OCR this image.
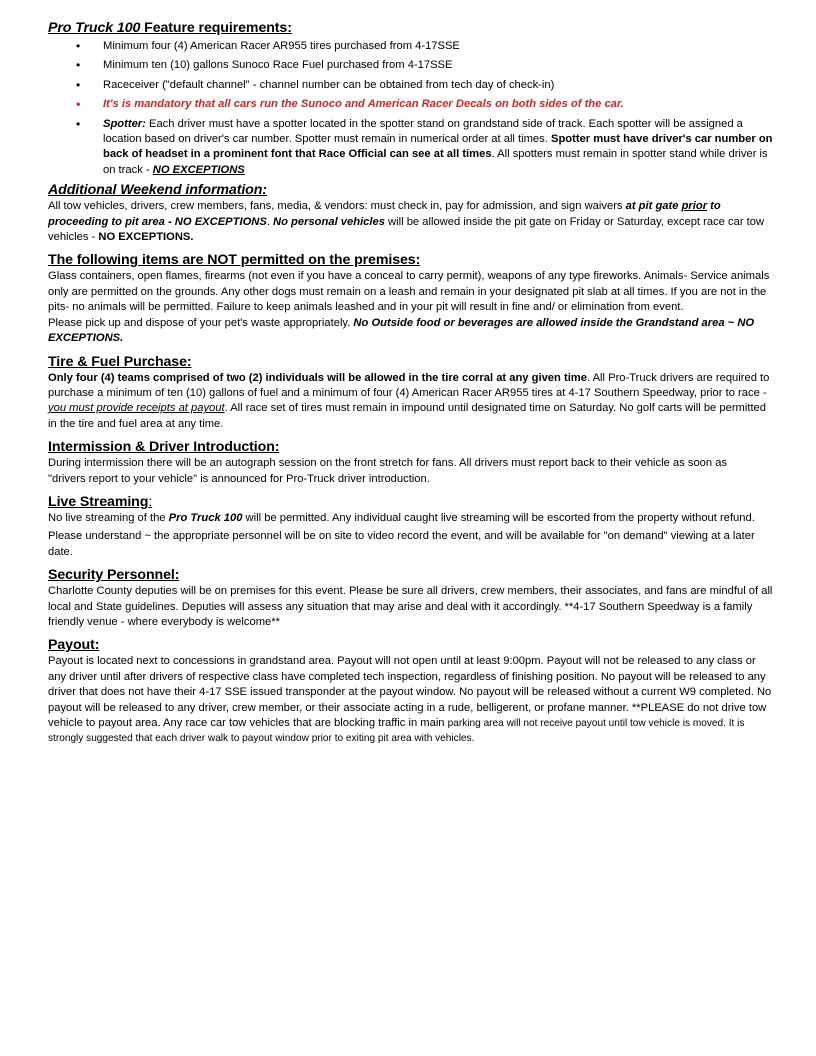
Pro Truck 100 Feature requirements:
• Minimum four (4) American Racer AR955 tires purchased from 4-17SSE
• Minimum ten (10) gallons Sunoco Race Fuel purchased from 4-17SSE
• Raceceiver ("default channel" - channel number can be obtained from tech day of check-in)
• It's is mandatory that all cars run the Sunoco and American Racer Decals on both sides of the car.
• Spotter: Each driver must have a spotter located in the spotter stand on grandstand side of track. Each spotter will be assigned a location based on driver's car number. Spotter must remain in numerical order at all times. Spotter must have driver's car number on back of headset in a prominent font that Race Official can see at all times. All spotters must remain in spotter stand while driver is on track - NO EXCEPTIONS
Additional Weekend information:

All tow vehicles, drivers, crew members, fans, media, & vendors: must check in, pay for admission, and sign waivers at pit gate prior to proceeding to pit area - NO EXCEPTIONS. No personal vehicles will be allowed inside the pit gate on Friday or Saturday, except race car tow vehicles - NO EXCEPTIONS.

The following items are NOT permitted on the premises:

Glass containers, open flames, firearms (not even if you have a conceal to carry permit), weapons of any type fireworks. Animals- Service animals only are permitted on the grounds. Any other dogs must remain on a leash and remain in your designated pit slab at all times. If you are not in the pits- no animals will be permitted. Failure to keep animals leashed and in your pit will result in fine and/ or elimination from event.

Please pick up and dispose of your pet's waste appropriately. No Outside food or beverages are allowed inside the Grandstand area ~ NO EXCEPTIONS.

Tire & Fuel Purchase:

Only four (4) teams comprised of two (2) individuals will be allowed in the tire corral at any given time. All Pro-Truck drivers are required to purchase a minimum of ten (10) gallons of fuel and a minimum of four (4) American Racer AR955 tires at 4-17 Southern Speedway, prior to race - you must provide receipts at payout. All race set of tires must remain in impound until designated time on Saturday. No golf carts will be permitted in the tire and fuel area at any time.

Intermission & Driver Introduction:

During intermission there will be an autograph session on the front stretch for fans. All drivers must report back to their vehicle as soon as

"drivers report to your vehicle" is announced for Pro-Truck driver introduction.

Live Streaming:

No live streaming of the Pro Truck 100 will be permitted. Any individual caught live streaming will be escorted from the property without refund.

Please understand ~ the appropriate personnel will be on site to video record the event, and will be available for "on demand" viewing at a later date.

Security Personnel:

Charlotte County deputies will be on premises for this event. Please be sure all drivers, crew members, their associates, and fans are mindful of all local and State guidelines. Deputies will assess any situation that may arise and deal with it accordingly. **4-17 Southern Speedway is a family friendly venue - where everybody is welcome**

Payout:

Payout is located next to concessions in grandstand area. Payout will not open until at least 9:00pm. Payout will not be released to any class or any driver until after drivers of respective class have completed tech inspection, regardless of finishing position. No payout will be released to any driver that does not have their 4-17 SSE issued transponder at the payout window. No payout will be released without a current W9 completed. No payout will be released to any driver, crew member, or their associate acting in a rude, belligerent, or profane manner. **PLEASE do not drive tow vehicle to payout area. Any race car tow vehicles that are blocking traffic in main parking area will not receive payout until tow vehicle is moved. It is strongly suggested that each driver walk to payout window prior to exiting pit area with vehicles.
